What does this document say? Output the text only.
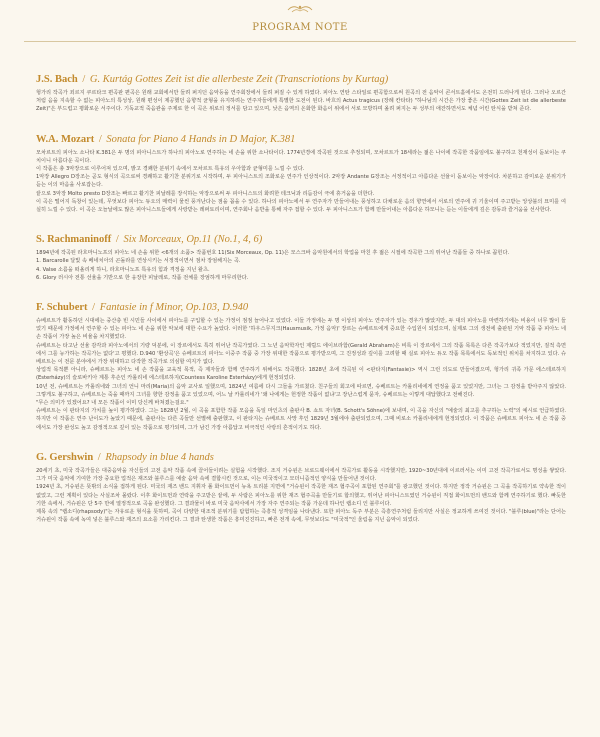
PROGRAM NOTE
J.S. Bach / G. Kurtág Gottes Zeit ist die allerbeste Zeit (Transcriotions by Kurtag)

헝가리 작곡가 죄르지 쿠르타크 편곡판 편곡은 원래 교회에서만 들려 퍼지던 음악등을 연주회장에서 들려 퍼질 수 있게 하였다. 피아노 연탄 스타일로 편곡함으로써 원곡의 전 음악이 콘서트홀에서도 온전히 드러나게 된다. 그러나 오르간처럼 음을 지속할 수 없는 피아노의 특성상, 원래 편성이 제공했던 음향적 균형을 유지하려는 연주자들에게 특별한 도전이 된다. 바흐의 Actus tragicus (장례 칸타타) "하나님의 시간은 가장 좋은 시간(Gottes Zeit ist die allerbeste Zeit)"은 부드럽고 평화로운 서주이다. 기독교적 죽음관을 주제로 한 이 곡은 위로의 정서를 담고 있으며, 낮은 음역의 온화한 화음이 위에서 서로 모방하며 올려 퍼지는 두 성부의 애잔하면서도 체념 어린 탄식을 받쳐 준다.

W.A. Mozart / Sonata for Piano 4 Hands in D Major, K.381

모차르트의 피아노 소나타 K.381은 두 명의 피아니스트가 하나의 피아노로 연주하는 네 손을 위한 소나타이다. 1774년경에 작곡된 것으로 추정되며, 모차르트가 18세라는 젊은 나이에 작곡한 작품임에도 불구하고 천재성이 돋보이는 쿠치이니 아름다운 곡이다.

이 작품은 총 3악장으로 이루어져 있으며, 밝고 경쾌한 분위기 속에서 모차르트 특유의 우아함과 균형미를 느낄 수 있다.

1악장 Allegro D장조는 곧도 형식의 곡으로써 경쾌하고 활기찬 분위기로 시작하며, 두 피아니스트의 조화로운 연주가 인상적이다. 2악장 Andante G장조는 서정적이고 아름다운 선율이 돋보이는 악장이다. 차분하고 감미로운 분위기가 듣는 이의 마음을 사로잡는다.

끝으로 3악장 Molto presto D장조는 빠르고 활기찬 피날레를 장식하는 악장으로써 두 피아니스트의 화려한 테크닉과 리듬감이 극에 휴거움을 더한다.

이 곡은 떨어지 독창이 있는데, 무엇보다 피아노 듀오의 매력이 물씬 풍겨난다는 점을 꼽을 수 있다. 하나의 피아노에서 두 연주자가 만들어내는 풍성하고 다채로운 음의 향연에서 서로의 연주에 귀 기울이며 주고받는 앙상블의 묘미를 여실히 느낄 수 있다. 이 곡은 오늘날에도 많은 피아니스트들에게 사랑받는 레퍼토리이며, 연주회나 음반을 통해 자주 접할 수 있다. 두 피아니스트가 함께 만들어내는 아름다운 하모니는 듣는 이들에게 깊은 감동과 즐거움을 선사한다.

S. Rachmaninoff / Six Morceaux, Op.11 (No.1, 4, 6)

1894년에 작곡된 라흐마니노프의 피아노 네 손을 위한 <6개의 소품> 작품번호 11(Six Morceaux, Op. 11)은 모스크바 음악원에서의 학업을 마친 후 젊은 시절에 작곡한 그의 뛰어난 작품들 중 하나로 꼽힌다.

1. Barcarolle 달빛 속 베네치아의 곤돌라를 연상시키는 서정적이면서 점차 장엄해지는 곡.

4. Valse 소름을 떠올리게 하니, 라흐마니노프 특유의 힘과 격정을 지닌 왈츠.

6. Glory 러시아 전통 선율을 기반으로 한 웅장한 피날레로, 작품 전체를 장엄하게 마무리한다.

F. Schubert / Fantasie in f Minor, Op.103, D.940

슈베르트가 활동하던 시대에는 중산층 빈 시민들 사이에서 피아노를 구입할 수 있는 가정이 점점 늘어나고 있었다. 이들 가정에는 두 명 이상의 피아노 연주자가 있는 경우가 많았지만, 두 대의 피아노를 마련하기에는 비용이 너무 많이 들었기 때문에 가정에서 연주할 수 있는 피아노 네 손을 위한 악보에 대한 수요가 높았다. 이러한 '하우스무지크(Hausmusik, 가정 음악)' 장르는 슈베르트에게 중요한 수입원이 되었으며, 실제로 그의 생전에 출판된 기악 작품 중 피아노 네 손 작품이 가장 높은 비율을 차지했었다.

슈베르트는 타고난 선율 감각과 피아노에서의 기량 덕분에, 이 장르에서도 특히 뛰어난 작곡가였다. 그 노년 음악학자인 제럴드 에이브라함(Gerald Abraham)은 비록 이 장르에서 그의 작품 목록은 다른 작곡가보다 적었지만, 질적 측면에서 그를 능가하는 작곡가는 없다'고 평했다. D.940 '환상곡'은 슈베르트의 피아노 이중주 작품 중 가장 위대한 작품으로 평가받으며, 그 진정성과 깊이를 고려할 때 실로 피아노 듀오 작품 목록에서도 독보적인 위치를 차지하고 있다. 슈베르트는 이 전문 분야에서 가장 위대하고 다작한 작곡가로 의심할 여지가 없다.

상업적 목적뿐 아니라, 슈베르트는 피아노 네 손 작품을 교육적 목적, 즉 제자들과 함께 연주하기 위해서도 작곡했다. 1828년 초에 작곡된 이 <판타지(Fantasie)> 역시 그런 의도로 만들어졌으며, 헝가리 귀족 가문 에스테르하지(Esterházy)의 슬로바키아 계통 후손인 카롤리네 에스테르하지(Countess Karoline Esterházy)에게 헌정되었다.

10년 전, 슈베르트는 카롤리네와 그녀의 언니 마리(Maria)의 음악 교사로 일했으며, 1824년 여름에 다시 그들을 가르쳤다. 친구들의 회고에 따르면, 슈베르트는 카롤리네에게 연정을 품고 있었지만, 그녀는 그 감정을 받아주지 않았다. 그렇게도 불구하고, 슈베르트는 죽을 때까지 그녀를 향한 감정을 품고 있었으며, 어느 날 카롤리네가 '왜 나에게는 헌정한 작품이 없냐'고 장난스럽게 묻자, 슈베르트는 이렇게 대답했다고 전해진다.

"무슨 의미가 있겠어요? 내 모든 작품이 이미 당신께 바쳐졌는걸요."

슈베르트는 이 판타지의 가치를 높이 평가하였다. 그는 1828년 2월, 이 곡을 포함한 작품 모음을 독일 마인츠의 출판사 B. 쇼트 자녀(B. Schott's Söhne)에 보내며, 이 곡을 자신의 "예술의 최고를 추구하는 노력"의 예시로 언급하였다. 하지만 이 작품은 연주 난이도가 높았기 때문에, 출판사는 다른 곡들만 선별해 출판했고, 이 판타지는 슈베르트 사망 후인 1829년 3월에야 출판되었으며, 그때 비로소 카롤리네에게 헌정되었다. 이 작품은 슈베르트 피아노 네 손 작품 중에서도 가장 완성도 높고 감정적으로 깊이 있는 작품으로 평가되며, 그가 남긴 가장 아름답고 비극적인 사랑의 흔적이기도 하다.

G. Gershwin / Rhapsody in blue 4 hands

20세기 초, 미국 작곡가들은 대중음악을 자신들의 고전 음악 작품 속에 끌어들이려는 실험을 시작했다. 조지 거슈윈은 브로드웨이에서 작곡가로 활동을 시작했지만, 1920~30년대에 이르러서는 이미 고전 작곡가로서도 명성을 쌓았다. 그가 미국 음악에 기여한 가장 중요한 업적은 재즈와 블루스를 예술 음악 속에 결합시킨 것으로, 이는 미국적이고 모더니즘적인 양식을 만들어낸 것이다.

1924년 초, 거슈윈은 뜻밖의 소식을 접하게 된다. 미국의 재즈 밴드 지휘자 폴 화이트먼이 뉴욕 트리뷴 지면에 "거슈윈이 작곡한 재즈 협주곡이 포함된 연주회"를 광고했던 것이다. 하지만 정작 거슈윈은 그 곡을 작곡하기로 약속한 적이 없었고, 그런 계획이 있다는 사실조차 몰랐다. 이후 화이트먼과 연락을 주고받은 끝에, 두 사람은 피아노를 위한 재즈 협주곡을 만들기로 합의했고, 뛰어난 피아니스트였던 거슈윈이 직접 화이트먼의 밴드와 함께 연주하기로 했다. 빠듯한 기한 속에서, 거슈윈은 단 5주 만에 열정적으로 곡을 완성했다. 그 결과물이 바로 미국 음악사에서 가장 자주 연주되는 작품 가운데 하나인 랩소디 인 블루이다.

제목 속의 "랩소디(rhapsody)"는 자유로운 형식을 뜻하며, 곡이 다양한 대조적 분위기를 탐험하는 즉흥적 성격임을 나타낸다. 또한 피아노 독주 부분은 즉흥연주처럼 들리지만 사실은 정교하게 쓰여진 것이다. "블루(blue)"라는 단어는 거슈윈이 작품 속에 녹여 넣은 블루스와 재즈의 요소를 가리킨다. 그 결과 탄생한 작품은 흥미진진하고, 빠른 전개 속에, 무엇보다도 "미국적"인 울림을 지닌 음악이 되었다.
